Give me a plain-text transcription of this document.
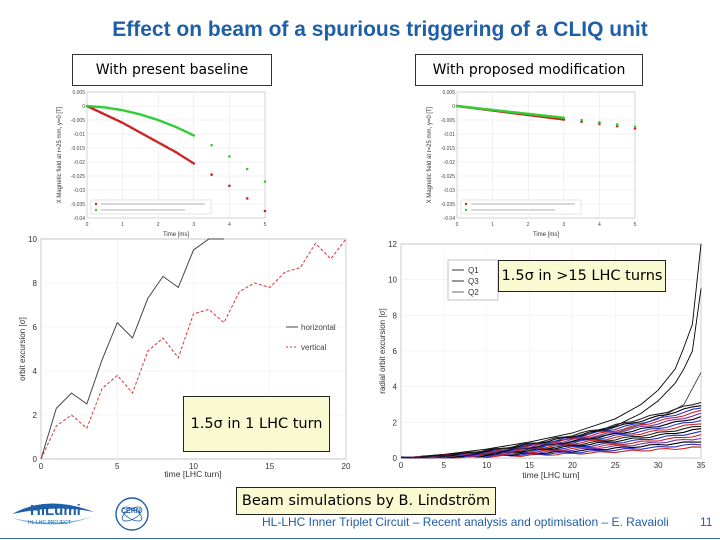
Effect on beam of a spurious triggering of a CLIQ unit
With present baseline	With proposed modification
X Magnetic field at r=25 mm, y=0 [T]
Time [ms]
0.005
0
-0.005
-0.01
-0.015
-0.02
-0.025
-0.03
-0.035
-0.04
0	1	2	3	4	5
X Magnetic field at r=25 mm, y=0 [T]
Time [ms]
0.005
0
-0.005
-0.01
-0.015
-0.02
-0.025
-0.03
-0.035
-0.04
0	1	2	3	4	5
orbit excursion [σ]
time [LHC turn]
0
2
4
6
8
10
0	5	10	15	20
horizontal
vertical	radial orbit excursion [σ]
time [LHC turn]
0
2
4
6
8
10
12
0	5	10	15	20	25	30	35
Q1
Q3
Q2
1.5σ in >15 LHC turns
1.5σ in 1 LHC turn
Beam simulations by B. Lindström
HiLumi
HL-LHC PROJECT
CERN
HL-LHC Inner Triplet Circuit – Recent analysis and optimisation – E. Ravaioli	11
